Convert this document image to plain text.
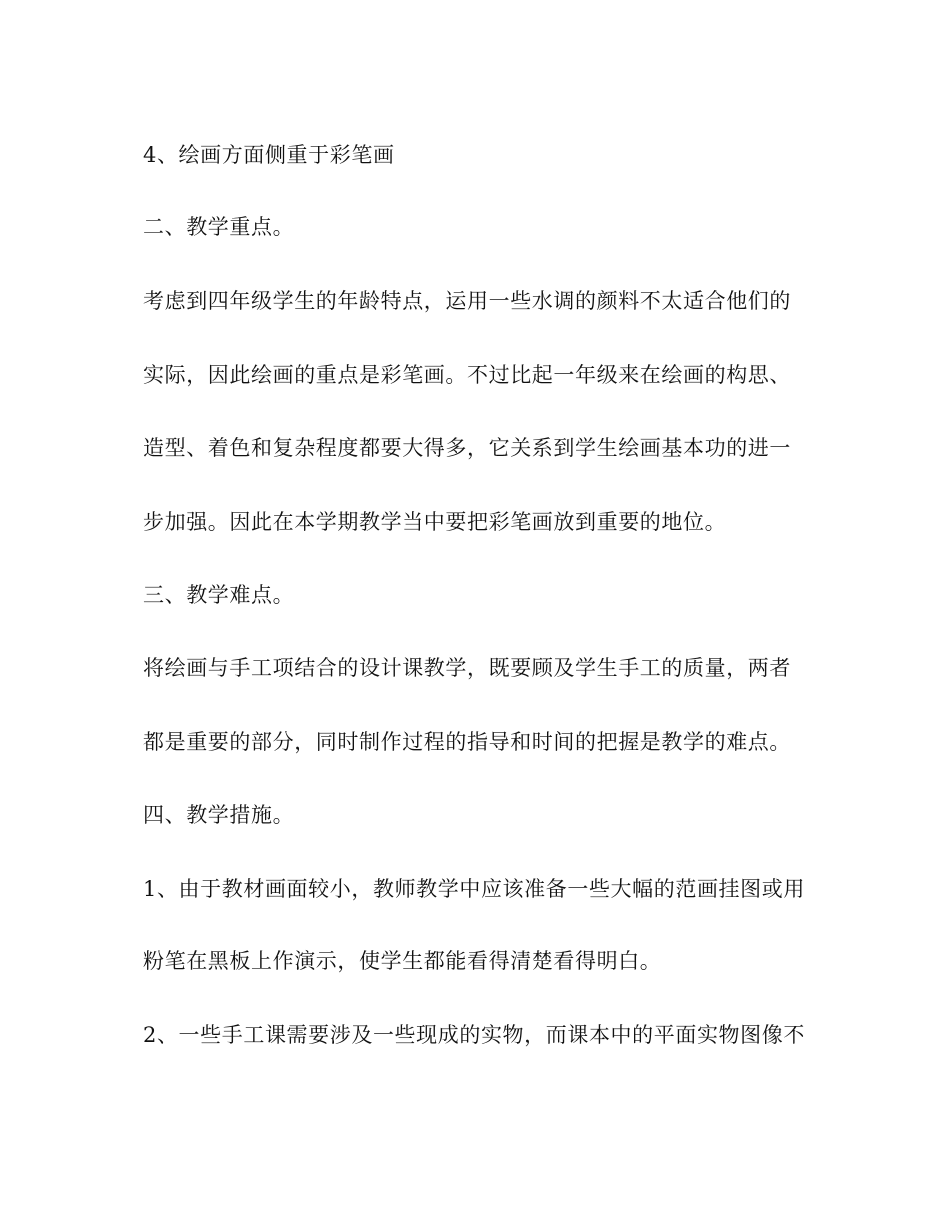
4、绘画方面侧重于彩笔画
二、教学重点。
考虑到四年级学生的年龄特点，运用一些水调的颜料不太适合他们的
实际，因此绘画的重点是彩笔画。不过比起一年级来在绘画的构思、
造型、着色和复杂程度都要大得多，它关系到学生绘画基本功的进一
步加强。因此在本学期教学当中要把彩笔画放到重要的地位。
三、教学难点。
将绘画与手工项结合的设计课教学，既要顾及学生手工的质量，两者
都是重要的部分，同时制作过程的指导和时间的把握是教学的难点。
四、教学措施。
1、由于教材画面较小，教师教学中应该准备一些大幅的范画挂图或用
粉笔在黑板上作演示，使学生都能看得清楚看得明白。
2、一些手工课需要涉及一些现成的实物，而课本中的平面实物图像不
